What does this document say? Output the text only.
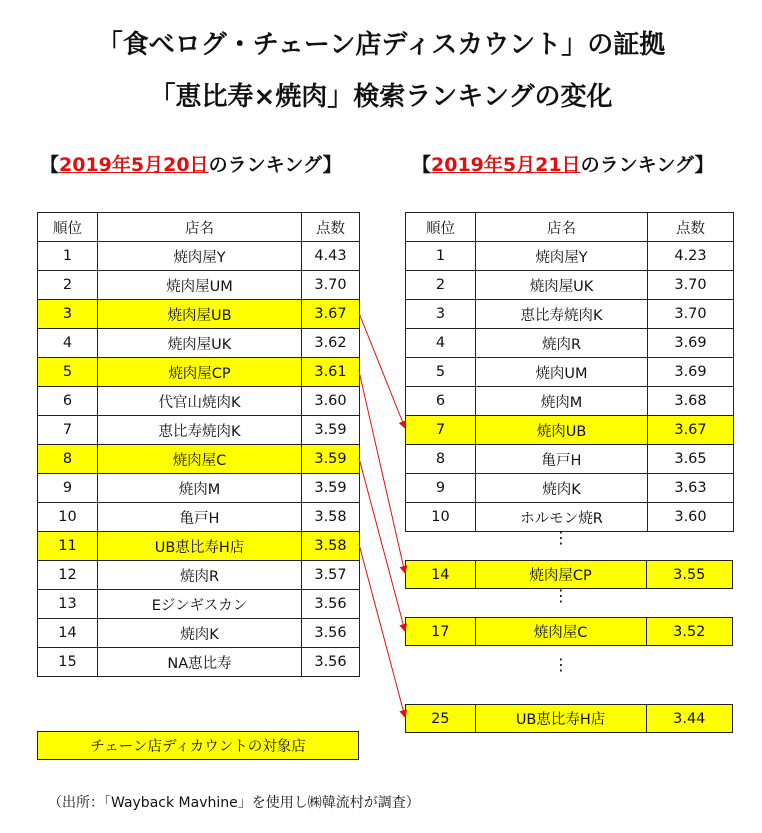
「食べログ・チェーン店ディスカウント」の証拠
「恵比寿×焼肉」検索ランキングの変化
【2019年5月20日のランキング】	【2019年5月21日のランキング】
順位	店名	点数
1	焼肉屋Y	4.43
2	焼肉屋UM	3.70
3	焼肉屋UB	3.67
4	焼肉屋UK	3.62
5	焼肉屋CP	3.61
6	代官山焼肉K	3.60
7	恵比寿焼肉K	3.59
8	焼肉屋C	3.59
9	焼肉M	3.59
10	亀戸H	3.58
11	UB恵比寿H店	3.58
12	焼肉R	3.57
13	Eジンギスカン	3.56
14	焼肉K	3.56
15	NA恵比寿	3.56
順位	店名	点数
1	焼肉屋Y	4.23
2	焼肉屋UK	3.70
3	恵比寿焼肉K	3.70
4	焼肉R	3.69
5	焼肉UM	3.69
6	焼肉M	3.68
7	焼肉UB	3.67
8	亀戸H	3.65
9	焼肉K	3.63
10	ホルモン焼R	3.60
⋮
14	焼肉屋CP	3.55
⋮
17	焼肉屋C	3.52
⋮
25	UB恵比寿H店	3.44
チェーン店ディカウントの対象店
（出所：「Wayback Mavhine」を使用し㈱韓流村が調査）
